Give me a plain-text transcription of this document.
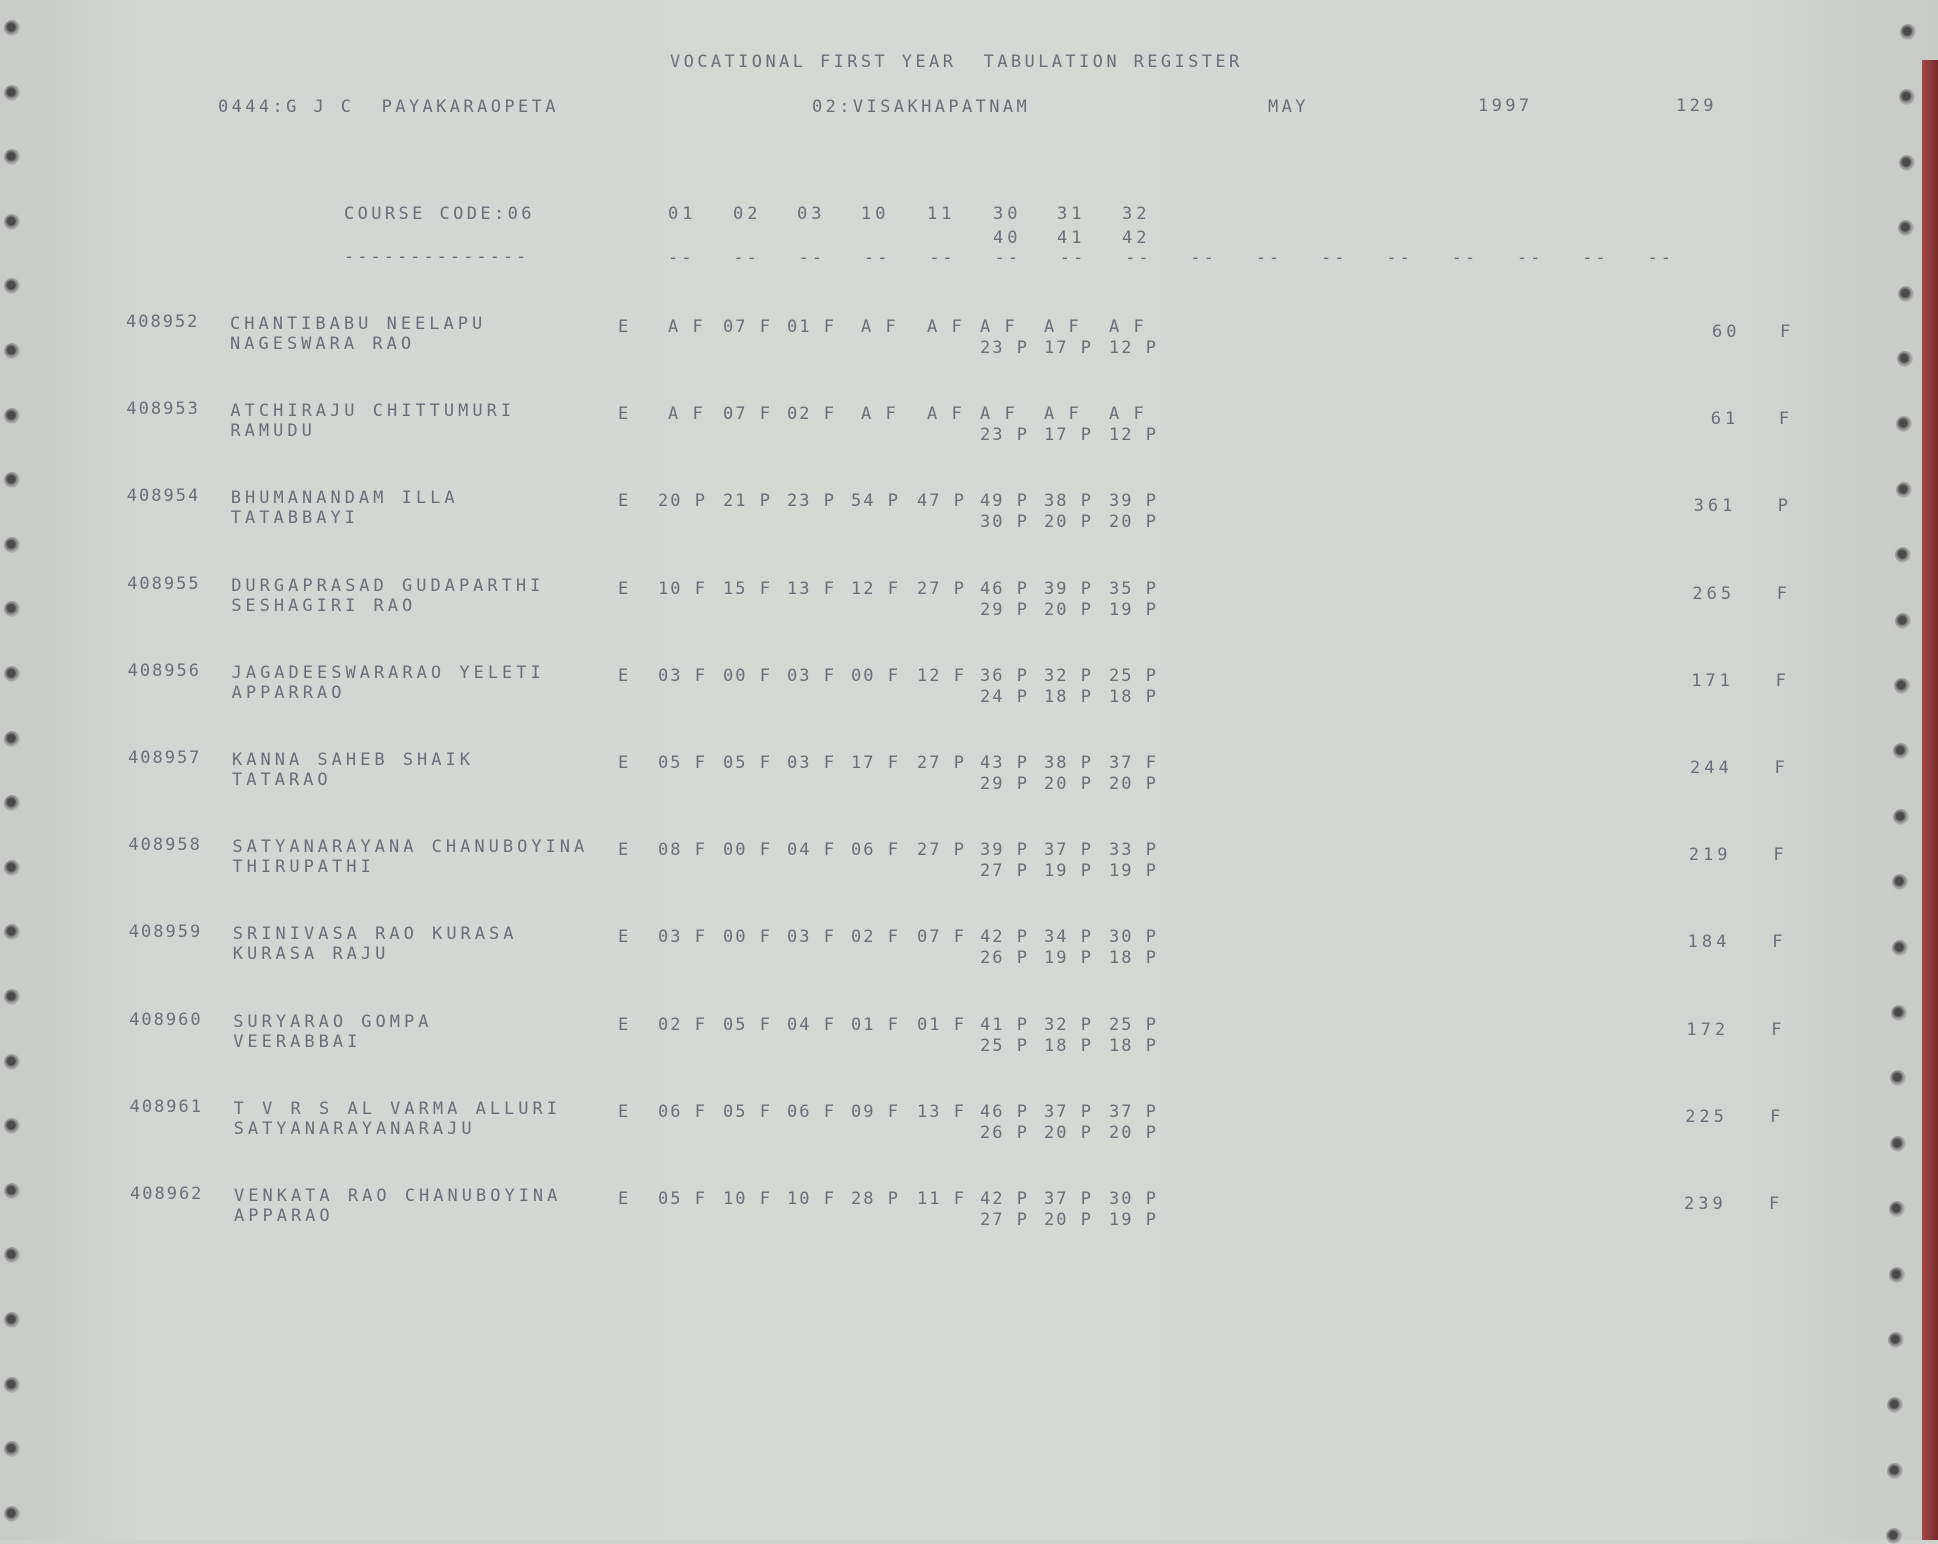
VOCATIONAL FIRST YEAR  TABULATION REGISTER
0444:G J C  PAYAKARAOPETA	02:VISAKHAPATNAM	MAY	1997	129
COURSE CODE:06
--------------
01 02 03 10 11 30 31 32
40 41 42
-- -- -- -- -- -- -- -- -- -- -- -- -- -- -- --
408952 CHANTIBABU NEELAPU
NAGESWARA RAO
E A F 07 F 01 F A F A F A F A F A F
23 P 17 P 12 P
60 F
408953 ATCHIRAJU CHITTUMURI
RAMUDU
E A F 07 F 02 F A F A F A F A F A F
23 P 17 P 12 P
61 F
408954 BHUMANANDAM ILLA
TATABBAYI
E 20 P 21 P 23 P 54 P 47 P 49 P 38 P 39 P
30 P 20 P 20 P
361 P
408955 DURGAPRASAD GUDAPARTHI
SESHAGIRI RAO
E 10 F 15 F 13 F 12 F 27 P 46 P 39 P 35 P
29 P 20 P 19 P
265 F
408956 JAGADEESWARARAO YELETI
APPARRAO
E 03 F 00 F 03 F 00 F 12 F 36 P 32 P 25 P
24 P 18 P 18 P
171 F
408957 KANNA SAHEB SHAIK
TATARAO
E 05 F 05 F 03 F 17 F 27 P 43 P 38 P 37 F
29 P 20 P 20 P
244 F
408958 SATYANARAYANA CHANUBOYINA
THIRUPATHI
E 08 F 00 F 04 F 06 F 27 P 39 P 37 P 33 P
27 P 19 P 19 P
219 F
408959 SRINIVASA RAO KURASA
KURASA RAJU
E 03 F 00 F 03 F 02 F 07 F 42 P 34 P 30 P
26 P 19 P 18 P
184 F
408960 SURYARAO GOMPA
VEERABBAI
E 02 F 05 F 04 F 01 F 01 F 41 P 32 P 25 P
25 P 18 P 18 P
172 F
408961 T V R S AL VARMA ALLURI
SATYANARAYANARAJU
E 06 F 05 F 06 F 09 F 13 F 46 P 37 P 37 P
26 P 20 P 20 P
225 F
408962 VENKATA RAO CHANUBOYINA
APPARAO
E 05 F 10 F 10 F 28 P 11 F 42 P 37 P 30 P
27 P 20 P 19 P
239 F
